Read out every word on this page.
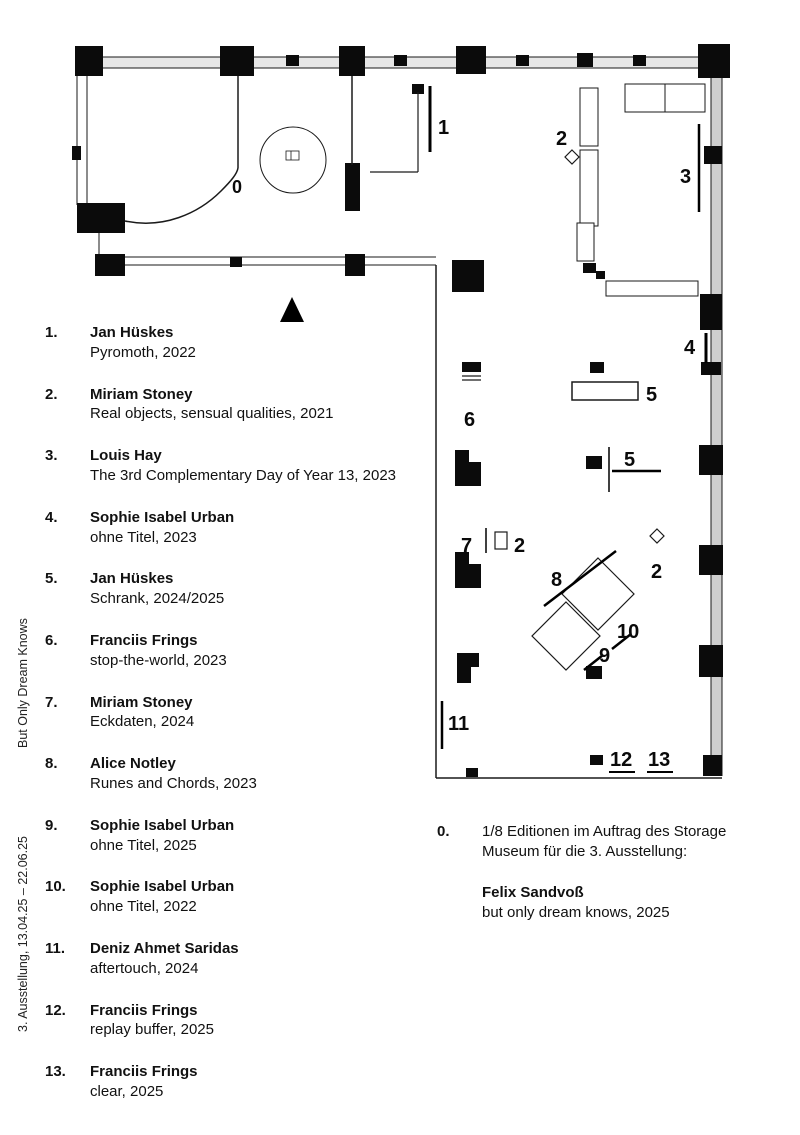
0
1	2
3
4
5
5
6
7 2
2
8
9
10
11
12 13
But Only Dream Knows
3. Ausstellung, 13.04.25 – 22.06.25
1.	Jan Hüskes
Pyromoth, 2022
2.	Miriam Stoney
Real objects, sensual qualities, 2021
3.	Louis Hay
The 3rd Complementary Day of Year 13, 2023
4.	Sophie Isabel Urban
ohne Titel, 2023
5.	Jan Hüskes
Schrank, 2024/2025
6.	Franciis Frings
stop-the-world, 2023
7.	Miriam Stoney
Eckdaten, 2024
8.	Alice Notley
Runes and Chords, 2023
9.	Sophie Isabel Urban
ohne Titel, 2025
10.	Sophie Isabel Urban
ohne Titel, 2022
11.	Deniz Ahmet Saridas
aftertouch, 2024
12.	Franciis Frings
replay buffer, 2025
13.	Franciis Frings
clear, 2025
0.	1/8 Editionen im Auftrag des Storage Museum für die 3. Ausstellung:
Felix Sandvoß
but only dream knows, 2025
